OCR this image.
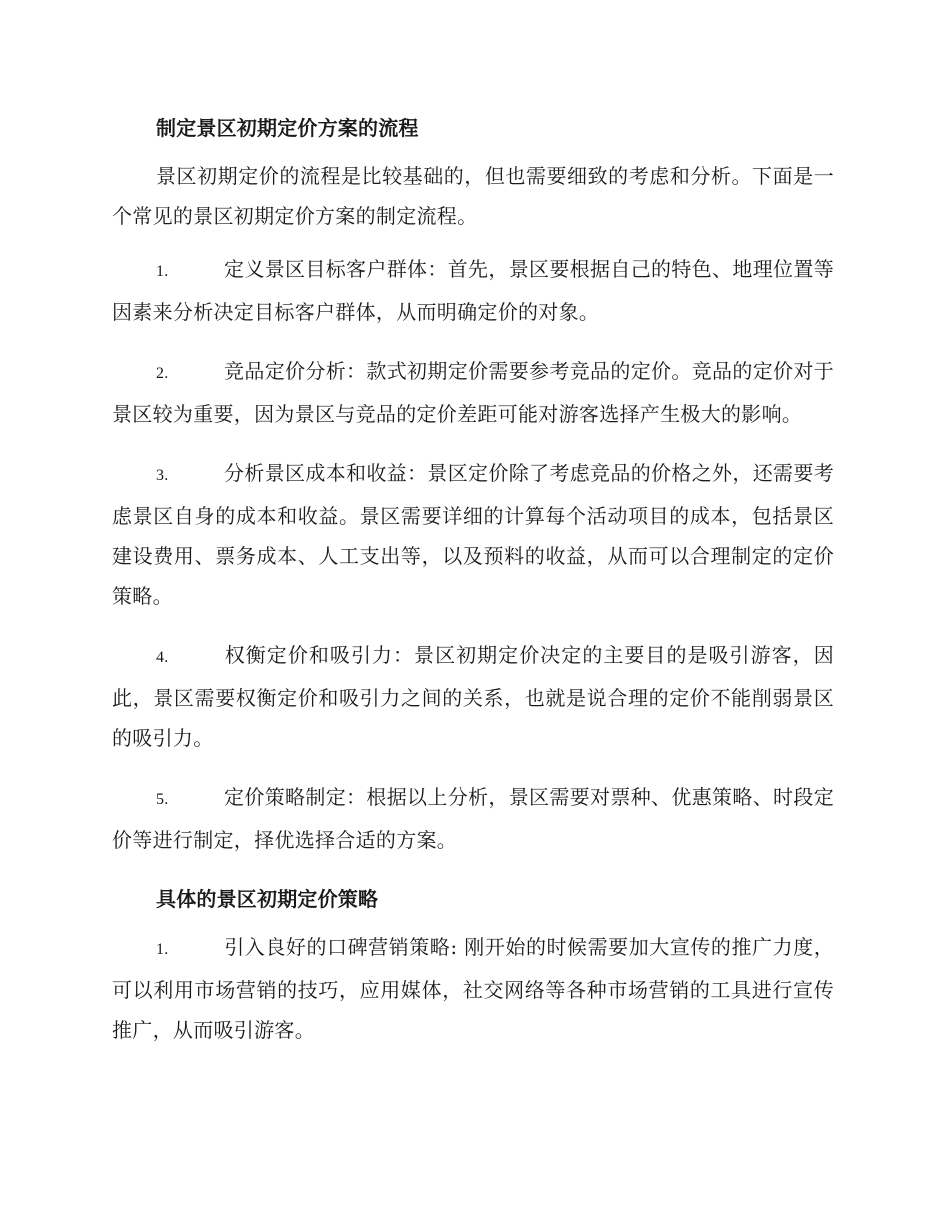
制定景区初期定价方案的流程

景区初期定价的流程是比较基础的，但也需要细致的考虑和分析。下面是一个常见的景区初期定价方案的制定流程。

1.	定义景区目标客户群体：首先，景区要根据自己的特色、地理位置等因素来分析决定目标客户群体，从而明确定价的对象。

2.	竞品定价分析：款式初期定价需要参考竞品的定价。竞品的定价对于景区较为重要，因为景区与竞品的定价差距可能对游客选择产生极大的影响。

3.	分析景区成本和收益：景区定价除了考虑竞品的价格之外，还需要考虑景区自身的成本和收益。景区需要详细的计算每个活动项目的成本，包括景区建设费用、票务成本、人工支出等，以及预料的收益，从而可以合理制定的定价策略。

4.	权衡定价和吸引力：景区初期定价决定的主要目的是吸引游客，因此，景区需要权衡定价和吸引力之间的关系，也就是说合理的定价不能削弱景区的吸引力。

5.	定价策略制定：根据以上分析，景区需要对票种、优惠策略、时段定价等进行制定，择优选择合适的方案。

具体的景区初期定价策略

1.	引入良好的口碑营销策略: 刚开始的时候需要加大宣传的推广力度，可以利用市场营销的技巧，应用媒体，社交网络等各种市场营销的工具进行宣传推广，从而吸引游客。
